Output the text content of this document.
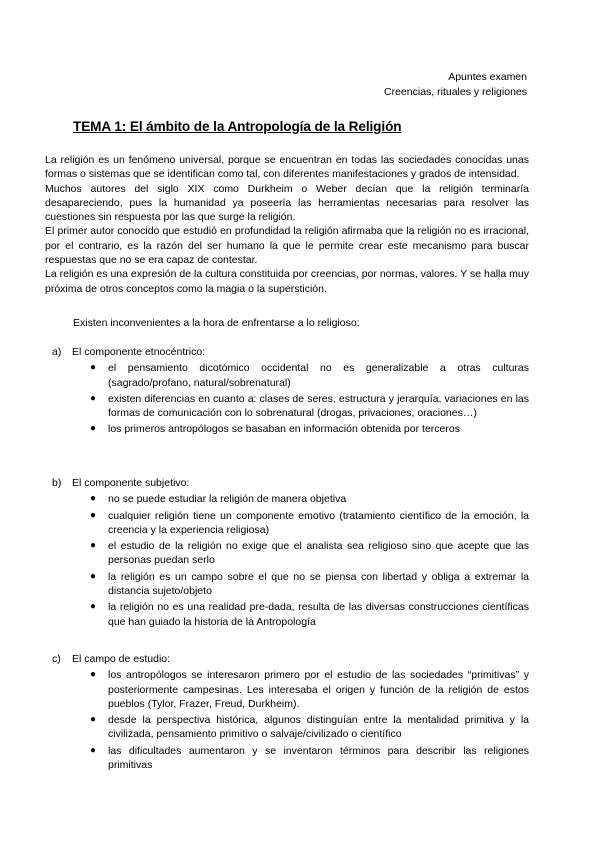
Apuntes examen
Creencias, rituales y religiones
TEMA 1: El ámbito de la Antropología de la Religión

La religión es un fenómeno universal, porque se encuentran en todas las sociedades conocidas unas formas o sistemas que se identifican como tal, con diferentes manifestaciones y grados de intensidad.

Muchos autores del siglo XIX como Durkheim o Weber decían que la religión terminaría desapareciendo, pues la humanidad ya poseería las herramientas necesarias para resolver las cuestiones sin respuesta por las que surge la religión.

El primer autor conocido que estudió en profundidad la religión afirmaba que la religión no es irracional, por el contrario, es la razón del ser humano la que le permite crear este mecanismo para buscar respuestas que no se era capaz de contestar.

La religión es una expresión de la cultura constituida por creencias, por normas, valores. Y se halla muy próxima de otros conceptos como la magia o la superstición.

Existen inconvenientes a la hora de enfrentarse a lo religioso:
a)	El componente etnocéntrico:
● el pensamiento dicotómico occidental no es generalizable a otras culturas (sagrado/profano, natural/sobrenatural)
● existen diferencias en cuanto a: clases de seres, estructura y jerarquía, variaciones en las formas de comunicación con lo sobrenatural (drogas, privaciones, oraciones…)
● los primeros antropólogos se basaban en información obtenida por terceros
b)	El componente subjetivo:
● no se puede estudiar la religión de manera objetiva
● cualquier religión tiene un componente emotivo (tratamiento científico de la emoción, la creencia y la experiencia religiosa)
● el estudio de la religión no exige que el analista sea religioso sino que acepte que las personas puedan serlo
● la religión es un campo sobre el que no se piensa con libertad y obliga a extremar la distancia sujeto/objeto
● la religión no es una realidad pre-dada, resulta de las diversas construcciones científicas que han guiado la historia de la Antropología
c)	El campo de estudio:
● los antropólogos se interesaron primero por el estudio de las sociedades “primitivas” y posteriormente campesinas. Les interesaba el origen y función de la religión de estos pueblos (Tylor, Frazer, Freud, Durkheim).
● desde la perspectiva histórica, algunos distinguían entre la mentalidad primitiva y la civilizada, pensamiento primitivo o salvaje/civilizado o científico
● las dificultades aumentaron y se inventaron términos para describir las religiones primitivas
